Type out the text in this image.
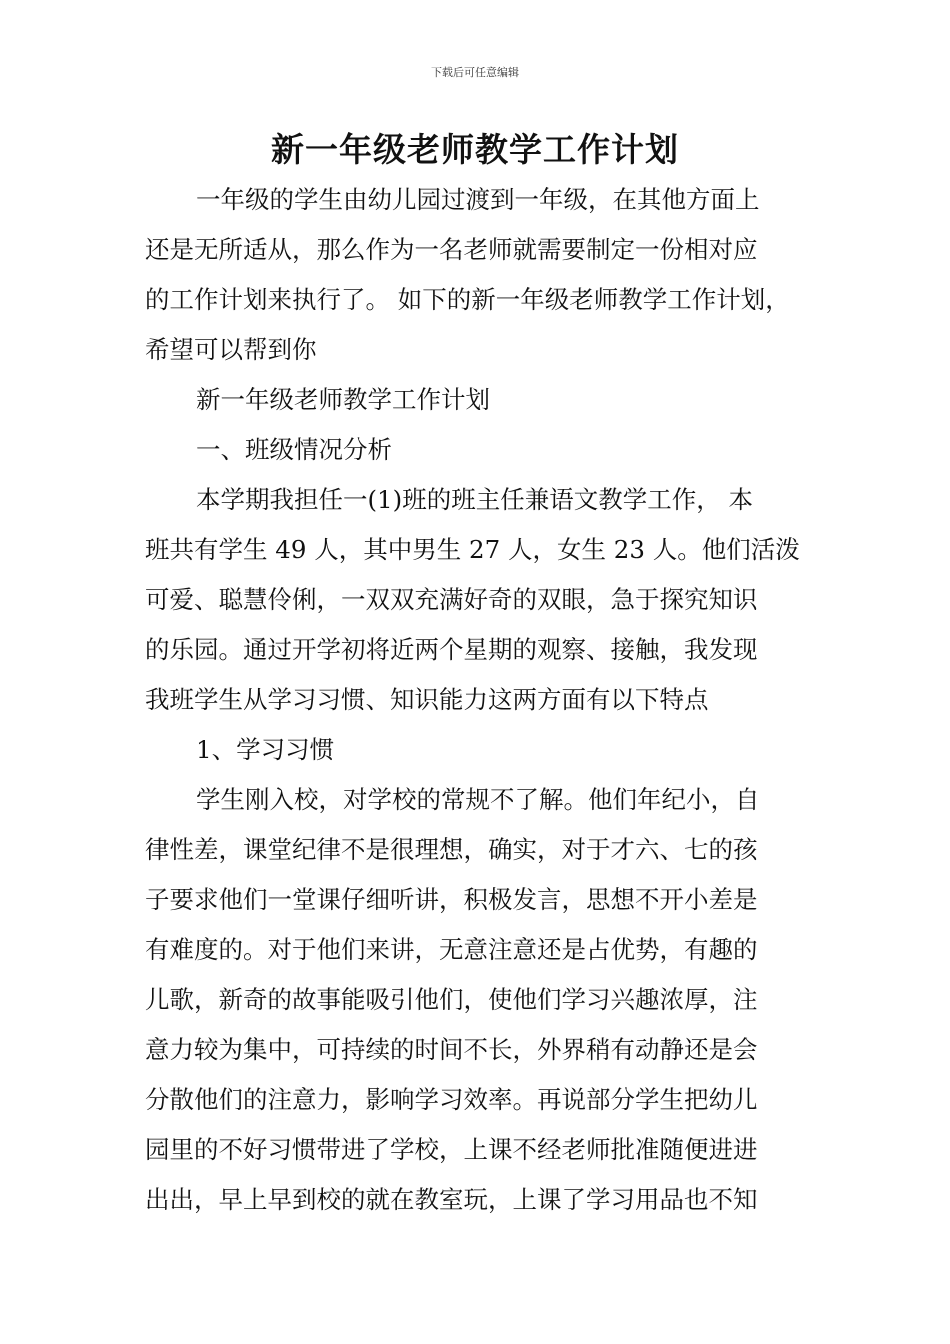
下载后可任意编辑
新一年级老师教学工作计划
一年级的学生由幼儿园过渡到一年级，在其他方面上
还是无所适从，那么作为一名老师就需要制定一份相对应
的工作计划来执行了。 如下的新一年级老师教学工作计划，
希望可以帮到你
新一年级老师教学工作计划
一、班级情况分析
本学期我担任一(1)班的班主任兼语文教学工作， 本
班共有学生 49 人，其中男生 27 人，女生 23 人。他们活泼
可爱、聪慧伶俐，一双双充满好奇的双眼，急于探究知识
的乐园。通过开学初将近两个星期的观察、接触，我发现
我班学生从学习习惯、知识能力这两方面有以下特点
1、学习习惯
学生刚入校，对学校的常规不了解。他们年纪小，自
律性差，课堂纪律不是很理想，确实，对于才六、七的孩
子要求他们一堂课仔细听讲，积极发言，思想不开小差是
有难度的。对于他们来讲，无意注意还是占优势，有趣的
儿歌，新奇的故事能吸引他们，使他们学习兴趣浓厚，注
意力较为集中，可持续的时间不长，外界稍有动静还是会
分散他们的注意力，影响学习效率。再说部分学生把幼儿
园里的不好习惯带进了学校，上课不经老师批准随便进进
出出，早上早到校的就在教室玩，上课了学习用品也不知
